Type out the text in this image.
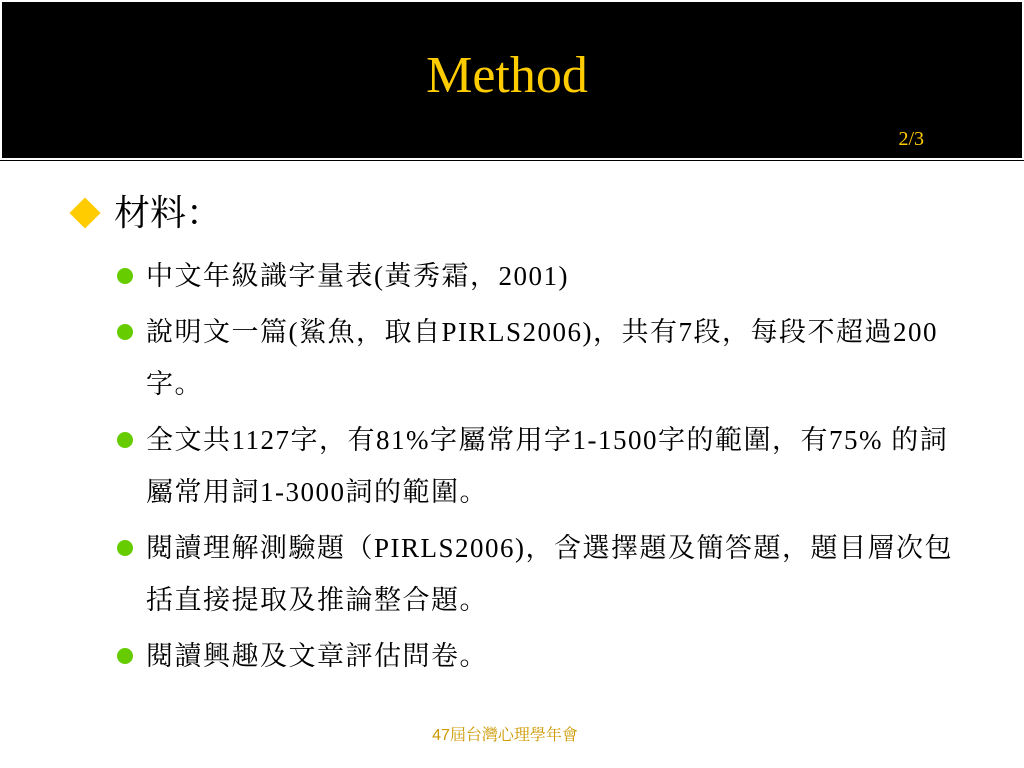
Method
2/3
材料：
中文年級識字量表(黃秀霜，2001)
說明文一篇(鯊魚，取自PIRLS2006)，共有7段，每段不超過200字。
全文共1127字，有81%字屬常用字1-1500字的範圍，有75% 的詞屬常用詞1-3000詞的範圍。
閱讀理解測驗題（PIRLS2006)，含選擇題及簡答題，題目層次包括直接提取及推論整合題。
閱讀興趣及文章評估問卷。
47屆台灣心理學年會
